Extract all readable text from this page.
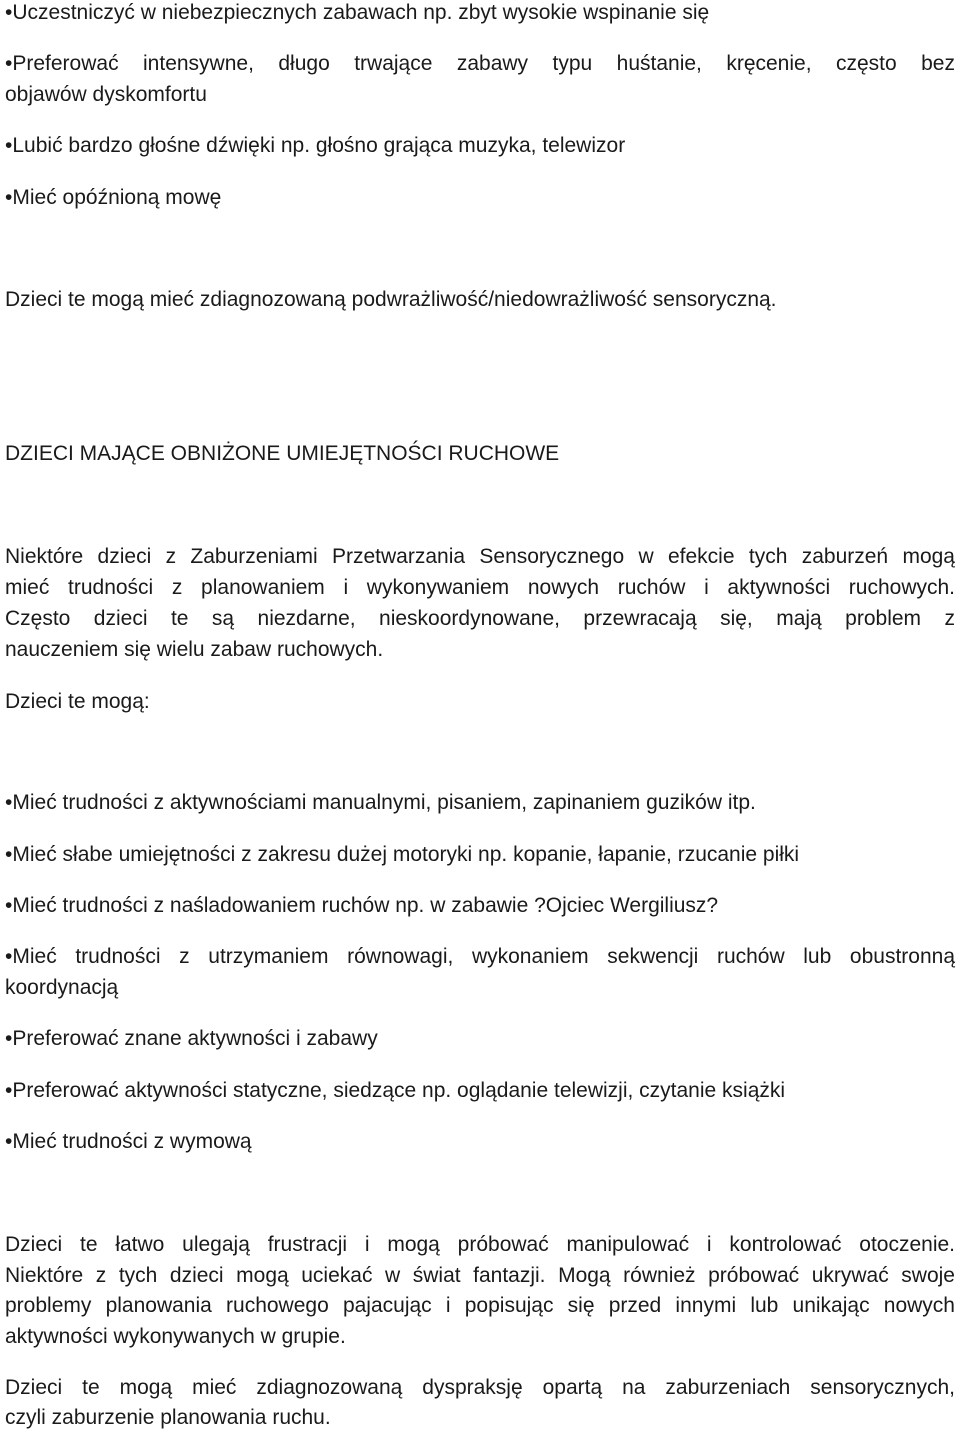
•Uczestniczyć w niebezpiecznych zabawach np. zbyt wysokie wspinanie się
•Preferować intensywne, długo trwające zabawy typu huśtanie, kręcenie, często bez
objawów dyskomfortu
•Lubić bardzo głośne dźwięki np. głośno grająca muzyka, telewizor
•Mieć opóźnioną mowę
Dzieci te mogą mieć zdiagnozowaną podwrażliwość/niedowrażliwość sensoryczną.
DZIECI MAJĄCE OBNIŻONE UMIEJĘTNOŚCI RUCHOWE
Niektóre dzieci z Zaburzeniami Przetwarzania Sensorycznego w efekcie tych zaburzeń mogą
mieć trudności z planowaniem i wykonywaniem nowych ruchów i aktywności ruchowych.
Często dzieci te są niezdarne, nieskoordynowane, przewracają się, mają problem z
nauczeniem się wielu zabaw ruchowych.
Dzieci te mogą:
•Mieć trudności z aktywnościami manualnymi, pisaniem, zapinaniem guzików itp.
•Mieć słabe umiejętności z zakresu dużej motoryki np. kopanie, łapanie, rzucanie piłki
•Mieć trudności z naśladowaniem ruchów np. w zabawie ?Ojciec Wergiliusz?
•Mieć trudności z utrzymaniem równowagi, wykonaniem sekwencji ruchów lub obustronną
koordynacją
•Preferować znane aktywności i zabawy
•Preferować aktywności statyczne, siedzące np. oglądanie telewizji, czytanie książki
•Mieć trudności z wymową
Dzieci te łatwo ulegają frustracji i mogą próbować manipulować i kontrolować otoczenie.
Niektóre z tych dzieci mogą uciekać w świat fantazji. Mogą również próbować ukrywać swoje
problemy planowania ruchowego pajacując i popisując się przed innymi lub unikając nowych
aktywności wykonywanych w grupie.
Dzieci te mogą mieć zdiagnozowaną dyspraksję opartą na zaburzeniach sensorycznych,
czyli zaburzenie planowania ruchu.
